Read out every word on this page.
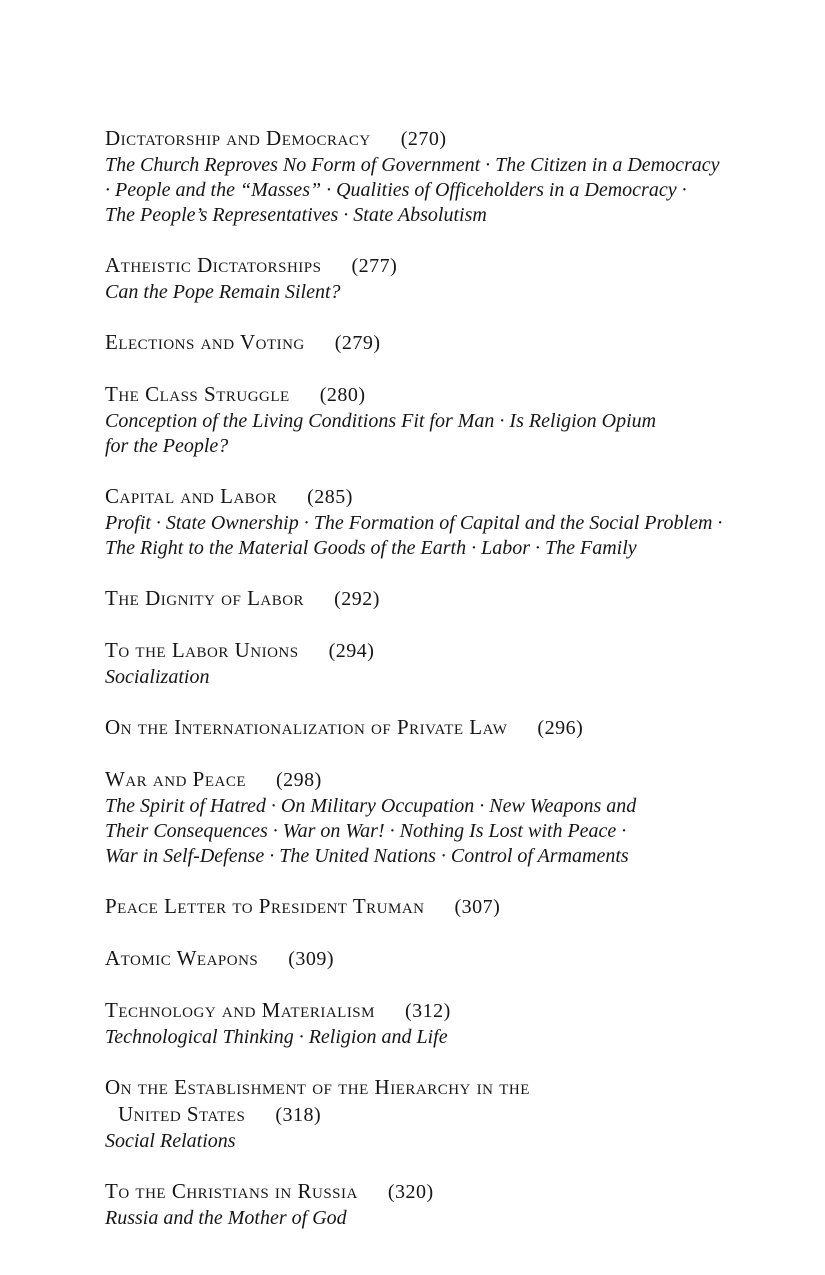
Dictatorship and Democracy (270)
The Church Reproves No Form of Government · The Citizen in a Democracy
· People and the “Masses” · Qualities of Officeholders in a Democracy ·
The People’s Representatives · State Absolutism
Atheistic Dictatorships (277)
Can the Pope Remain Silent?
Elections and Voting (279)
The Class Struggle (280)
Conception of the Living Conditions Fit for Man · Is Religion Opium
for the People?
Capital and Labor (285)
Profit · State Ownership · The Formation of Capital and the Social Problem ·
The Right to the Material Goods of the Earth · Labor · The Family
The Dignity of Labor (292)
To the Labor Unions (294)
Socialization
On the Internationalization of Private Law (296)
War and Peace (298)
The Spirit of Hatred · On Military Occupation · New Weapons and
Their Consequences · War on War! · Nothing Is Lost with Peace ·
War in Self-Defense · The United Nations · Control of Armaments
Peace Letter to President Truman (307)
Atomic Weapons (309)
Technology and Materialism (312)
Technological Thinking · Religion and Life
On the Establishment of the Hierarchy in the
United States (318)
Social Relations
To the Christians in Russia (320)
Russia and the Mother of God
